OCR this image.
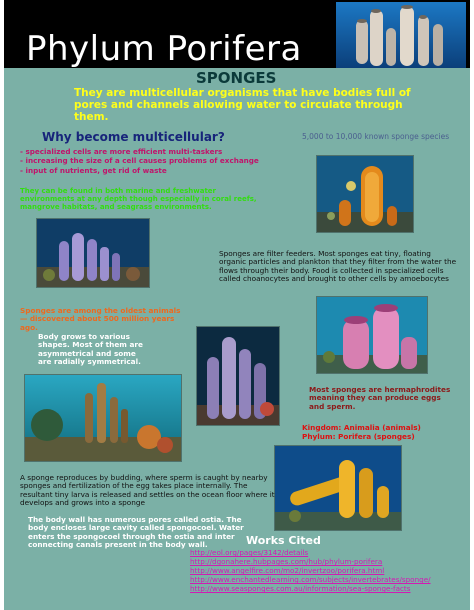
Phylum Porifera
SPONGES
They are multicellular organisms that have bodies full of pores and channels allowing water to circulate through them.
Why become multicellular?	5,000 to 10,000 known sponge species
- specialized cells are more efficient multi-taskers
- increasing the size of a cell causes problems of exchange
- input of nutrients, get rid of waste
They can be found in both marine and freshwater environments at any depth though especially in coral reefs, mangrove habitats, and seagrass environments.
Sponges are filter feeders. Most sponges eat tiny, floating organic particles and plankton that they filter from the water the flows through their body. Food is collected in specialized cells called choanocytes and brought to other cells by amoebocytes
Sponges are among the oldest animals — discovered about 500 million years ago.
Body grows to various shapes. Most of them are asymmetrical and some are radially symmetrical.
Most sponges are hermaphrodites meaning they can produce eggs and sperm.
Kingdom: Animalia (animals)
Phylum: Porifera (sponges)
A sponge reproduces by budding, where sperm is caught by nearby sponges and fertilization of the egg takes place internally. The resultant tiny larva is released and settles on the ocean floor where it develops and grows into a sponge
The body wall has numerous pores called ostia. The body encloses large cavity called spongocoel. Water enters the spongocoel through the ostia and inter connecting canals present in the body wall.	Works Cited
http://eol.org/pages/3142/details
http://dgonahere.hubpages.com/hub/phylum-porifera
http://www.angelfire.com/mo2/invertzoo/porifera.html
http://www.enchantedlearning.com/subjects/invertebrates/sponge/
http://www.seasponges.com.au/information/sea-sponge-facts
